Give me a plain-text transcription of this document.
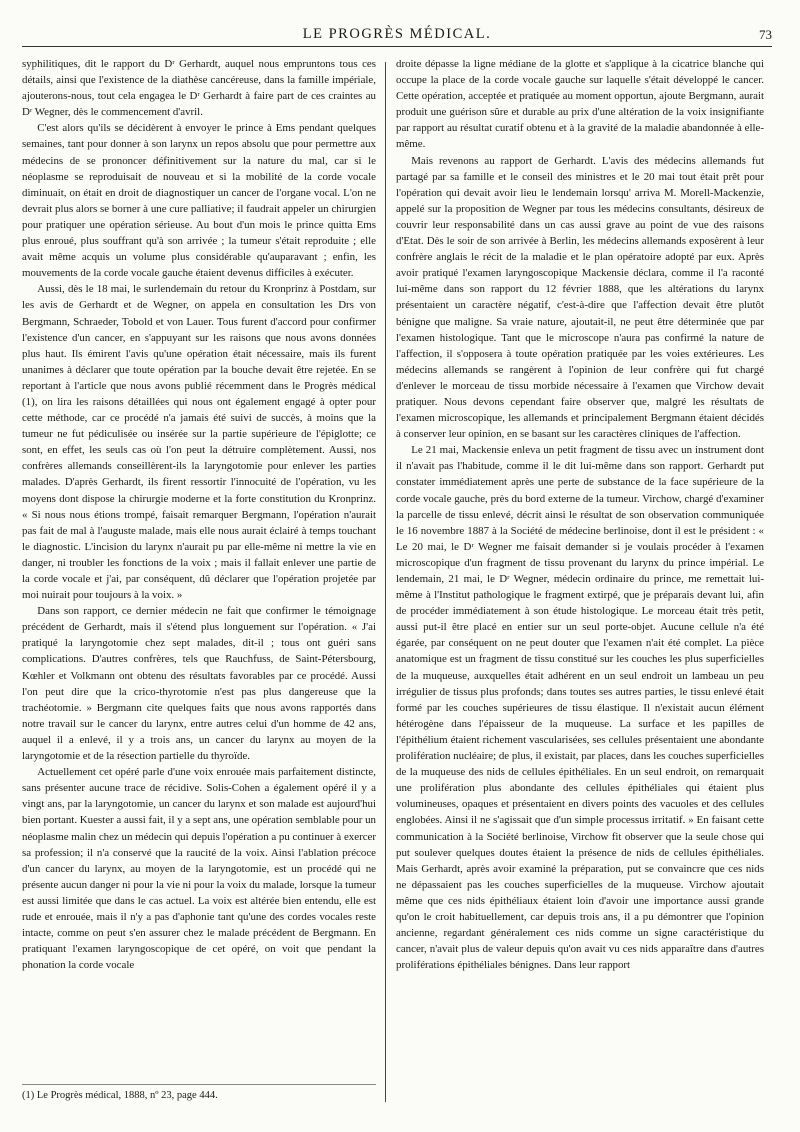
LE PROGRÈS MÉDICAL.	73

syphilitiques, dit le rapport du Dʳ Gerhardt, auquel nous empruntons tous ces détails, ainsi que l'existence de la diathèse cancéreuse, dans la famille impériale, ajouterons-nous, tout cela engagea le Dʳ Gerhardt à faire part de ces craintes au Dʳ Wegner, dès le commencement d'avril.

C'est alors qu'ils se décidèrent à envoyer le prince à Ems pendant quelques semaines, tant pour donner à son larynx un repos absolu que pour permettre aux médecins de se prononcer définitivement sur la nature du mal, car si le néoplasme se reproduisait de nouveau et si la mobilité de la corde vocale diminuait, on était en droit de diagnostiquer un cancer de l'organe vocal. L'on ne devrait plus alors se borner à une cure palliative; il faudrait appeler un chirurgien pour pratiquer une opération sérieuse. Au bout d'un mois le prince quitta Ems plus enroué, plus souffrant qu'à son arrivée ; la tumeur s'était reproduite ; elle avait même acquis un volume plus considérable qu'auparavant ; enfin, les mouvements de la corde vocale gauche étaient devenus difficiles à exécuter.

Aussi, dès le 18 mai, le surlendemain du retour du Kronprinz à Postdam, sur les avis de Gerhardt et de Wegner, on appela en consultation les Drs von Bergmann, Schraeder, Tobold et von Lauer. Tous furent d'accord pour confirmer l'existence d'un cancer, en s'appuyant sur les raisons que nous avons données plus haut. Ils émirent l'avis qu'une opération était nécessaire, mais ils furent unanimes à déclarer que toute opération par la bouche devait être rejetée. En se reportant à l'article que nous avons publié récemment dans le Progrès médical (1), on lira les raisons détaillées qui nous ont également engagé à opter pour cette méthode, car ce procédé n'a jamais été suivi de succès, à moins que la tumeur ne fut pédiculisée ou insérée sur la partie supérieure de l'épiglotte; ce sont, en effet, les seuls cas où l'on peut la détruire complètement. Aussi, nos confrères allemands conseillèrent-ils la laryngotomie pour enlever les parties malades. D'après Gerhardt, ils firent ressortir l'innocuité de l'opération, vu les moyens dont dispose la chirurgie moderne et la forte constitution du Kronprinz. « Si nous nous étions trompé, faisait remarquer Bergmann, l'opération n'aurait pas fait de mal à l'auguste malade, mais elle nous aurait éclairé à temps touchant le diagnostic. L'incision du larynx n'aurait pu par elle-même ni mettre la vie en danger, ni troubler les fonctions de la voix ; mais il fallait enlever une partie de la corde vocale et j'ai, par conséquent, dû déclarer que l'opération projetée par moi nuirait pour toujours à la voix. »

Dans son rapport, ce dernier médecin ne fait que confirmer le témoignage précédent de Gerhardt, mais il s'étend plus longuement sur l'opération. « J'ai pratiqué la laryngotomie chez sept malades, dit-il ; tous ont guéri sans complications. D'autres confrères, tels que Rauchfuss, de Saint-Pétersbourg, Kœhler et Volkmann ont obtenu des résultats favorables par ce procédé. Aussi l'on peut dire que la crico-thyrotomie n'est pas plus dangereuse que la trachéotomie. » Bergmann cite quelques faits que nous avons rapportés dans notre travail sur le cancer du larynx, entre autres celui d'un homme de 42 ans, auquel il a enlevé, il y a trois ans, un cancer du larynx au moyen de la laryngotomie et de la résection partielle du thyroïde.

Actuellement cet opéré parle d'une voix enrouée mais parfaitement distincte, sans présenter aucune trace de récidive. Solis-Cohen a également opéré il y a vingt ans, par la laryngotomie, un cancer du larynx et son malade est aujourd'hui bien portant. Kuester a aussi fait, il y a sept ans, une opération semblable pour un néoplasme malin chez un médecin qui depuis l'opération a pu continuer à exercer sa profession; il n'a conservé que la raucité de la voix. Ainsi l'ablation précoce d'un cancer du larynx, au moyen de la laryngotomie, est un procédé qui ne présente aucun danger ni pour la vie ni pour la voix du malade, lorsque la tumeur est aussi limitée que dans le cas actuel. La voix est altérée bien entendu, elle est rude et enrouée, mais il n'y a pas d'aphonie tant qu'une des cordes vocales reste intacte, comme on peut s'en assurer chez le malade précédent de Bergmann. En pratiquant l'examen laryngoscopique de cet opéré, on voit que pendant la phonation la corde vocale

droite dépasse la ligne médiane de la glotte et s'applique à la cicatrice blanche qui occupe la place de la corde vocale gauche sur laquelle s'était développé le cancer. Cette opération, acceptée et pratiquée au moment opportun, ajoute Bergmann, aurait produit une guérison sûre et durable au prix d'une altération de la voix insignifiante par rapport au résultat curatif obtenu et à la gravité de la maladie abandonnée à elle-même.

Mais revenons au rapport de Gerhardt. L'avis des médecins allemands fut partagé par sa famille et le conseil des ministres et le 20 mai tout était prêt pour l'opération qui devait avoir lieu le lendemain lorsqu' arriva M. Morell-Mackenzie, appelé sur la proposition de Wegner par tous les médecins consultants, désireux de couvrir leur responsabilité dans un cas aussi grave au point de vue des raisons d'Etat. Dès le soir de son arrivée à Berlin, les médecins allemands exposèrent à leur confrère anglais le récit de la maladie et le plan opératoire adopté par eux. Après avoir pratiqué l'examen laryngoscopique Mackensie déclara, comme il l'a raconté lui-même dans son rapport du 12 février 1888, que les altérations du larynx présentaient un caractère négatif, c'est-à-dire que l'affection devait être plutôt bénigne que maligne. Sa vraie nature, ajoutait-il, ne peut être déterminée que par l'examen histologique. Tant que le microscope n'aura pas confirmé la nature de l'affection, il s'opposera à toute opération pratiquée par les voies extérieures. Les médecins allemands se rangèrent à l'opinion de leur confrère qui fut chargé d'enlever le morceau de tissu morbide nécessaire à l'examen que Virchow devait pratiquer. Nous devons cependant faire observer que, malgré les résultats de l'examen microscopique, les allemands et principalement Bergmann étaient décidés à conserver leur opinion, en se basant sur les caractères cliniques de l'affection.

Le 21 mai, Mackensie enleva un petit fragment de tissu avec un instrument dont il n'avait pas l'habitude, comme il le dit lui-même dans son rapport. Gerhardt put constater immédiatement après une perte de substance de la face supérieure de la corde vocale gauche, près du bord externe de la tumeur. Virchow, chargé d'examiner la parcelle de tissu enlevé, décrit ainsi le résultat de son observation communiquée le 16 novembre 1887 à la Société de médecine berlinoise, dont il est le président : « Le 20 mai, le Dʳ Wegner me faisait demander si je voulais procéder à l'examen microscopique d'un fragment de tissu provenant du larynx du prince impérial. Le lendemain, 21 mai, le Dʳ Wegner, médecin ordinaire du prince, me remettait lui-même à l'Institut pathologique le fragment extirpé, que je préparais devant lui, afin de procéder immédiatement à son étude histologique. Le morceau était très petit, aussi put-il être placé en entier sur un seul porte-objet. Aucune cellule n'a été égarée, par conséquent on ne peut douter que l'examen n'ait été complet. La pièce anatomique est un fragment de tissu constitué sur les couches les plus superficielles de la muqueuse, auxquelles était adhérent en un seul endroit un lambeau un peu irrégulier de tissus plus profonds; dans toutes ses autres parties, le tissu enlevé était formé par les couches supérieures de tissu élastique. Il n'existait aucun élément hétérogène dans l'épaisseur de la muqueuse. La surface et les papilles de l'épithélium étaient richement vascularisées, ses cellules présentaient une abondante prolifération nucléaire; de plus, il existait, par places, dans les couches superficielles de la muqueuse des nids de cellules épithéliales. En un seul endroit, on remarquait une prolifération plus abondante des cellules épithéliales qui étaient plus volumineuses, opaques et présentaient en divers points des vacuoles et des cellules englobées. Ainsi il ne s'agissait que d'un simple processus irritatif. » En faisant cette communication à la Société berlinoise, Virchow fit observer que la seule chose qui put soulever quelques doutes étaient la présence de nids de cellules épithéliales. Mais Gerhardt, après avoir examiné la préparation, put se convaincre que ces nids ne dépassaient pas les couches superficielles de la muqueuse. Virchow ajoutait même que ces nids épithéliaux étaient loin d'avoir une importance aussi grande qu'on le croit habituellement, car depuis trois ans, il a pu démontrer que l'opinion ancienne, regardant généralement ces nids comme un signe caractéristique du cancer, n'avait plus de valeur depuis qu'on avait vu ces nids apparaître dans d'autres proliférations épithéliales bénignes. Dans leur rapport

(1) Le Progrès médical, 1888, nº 23, page 444.
